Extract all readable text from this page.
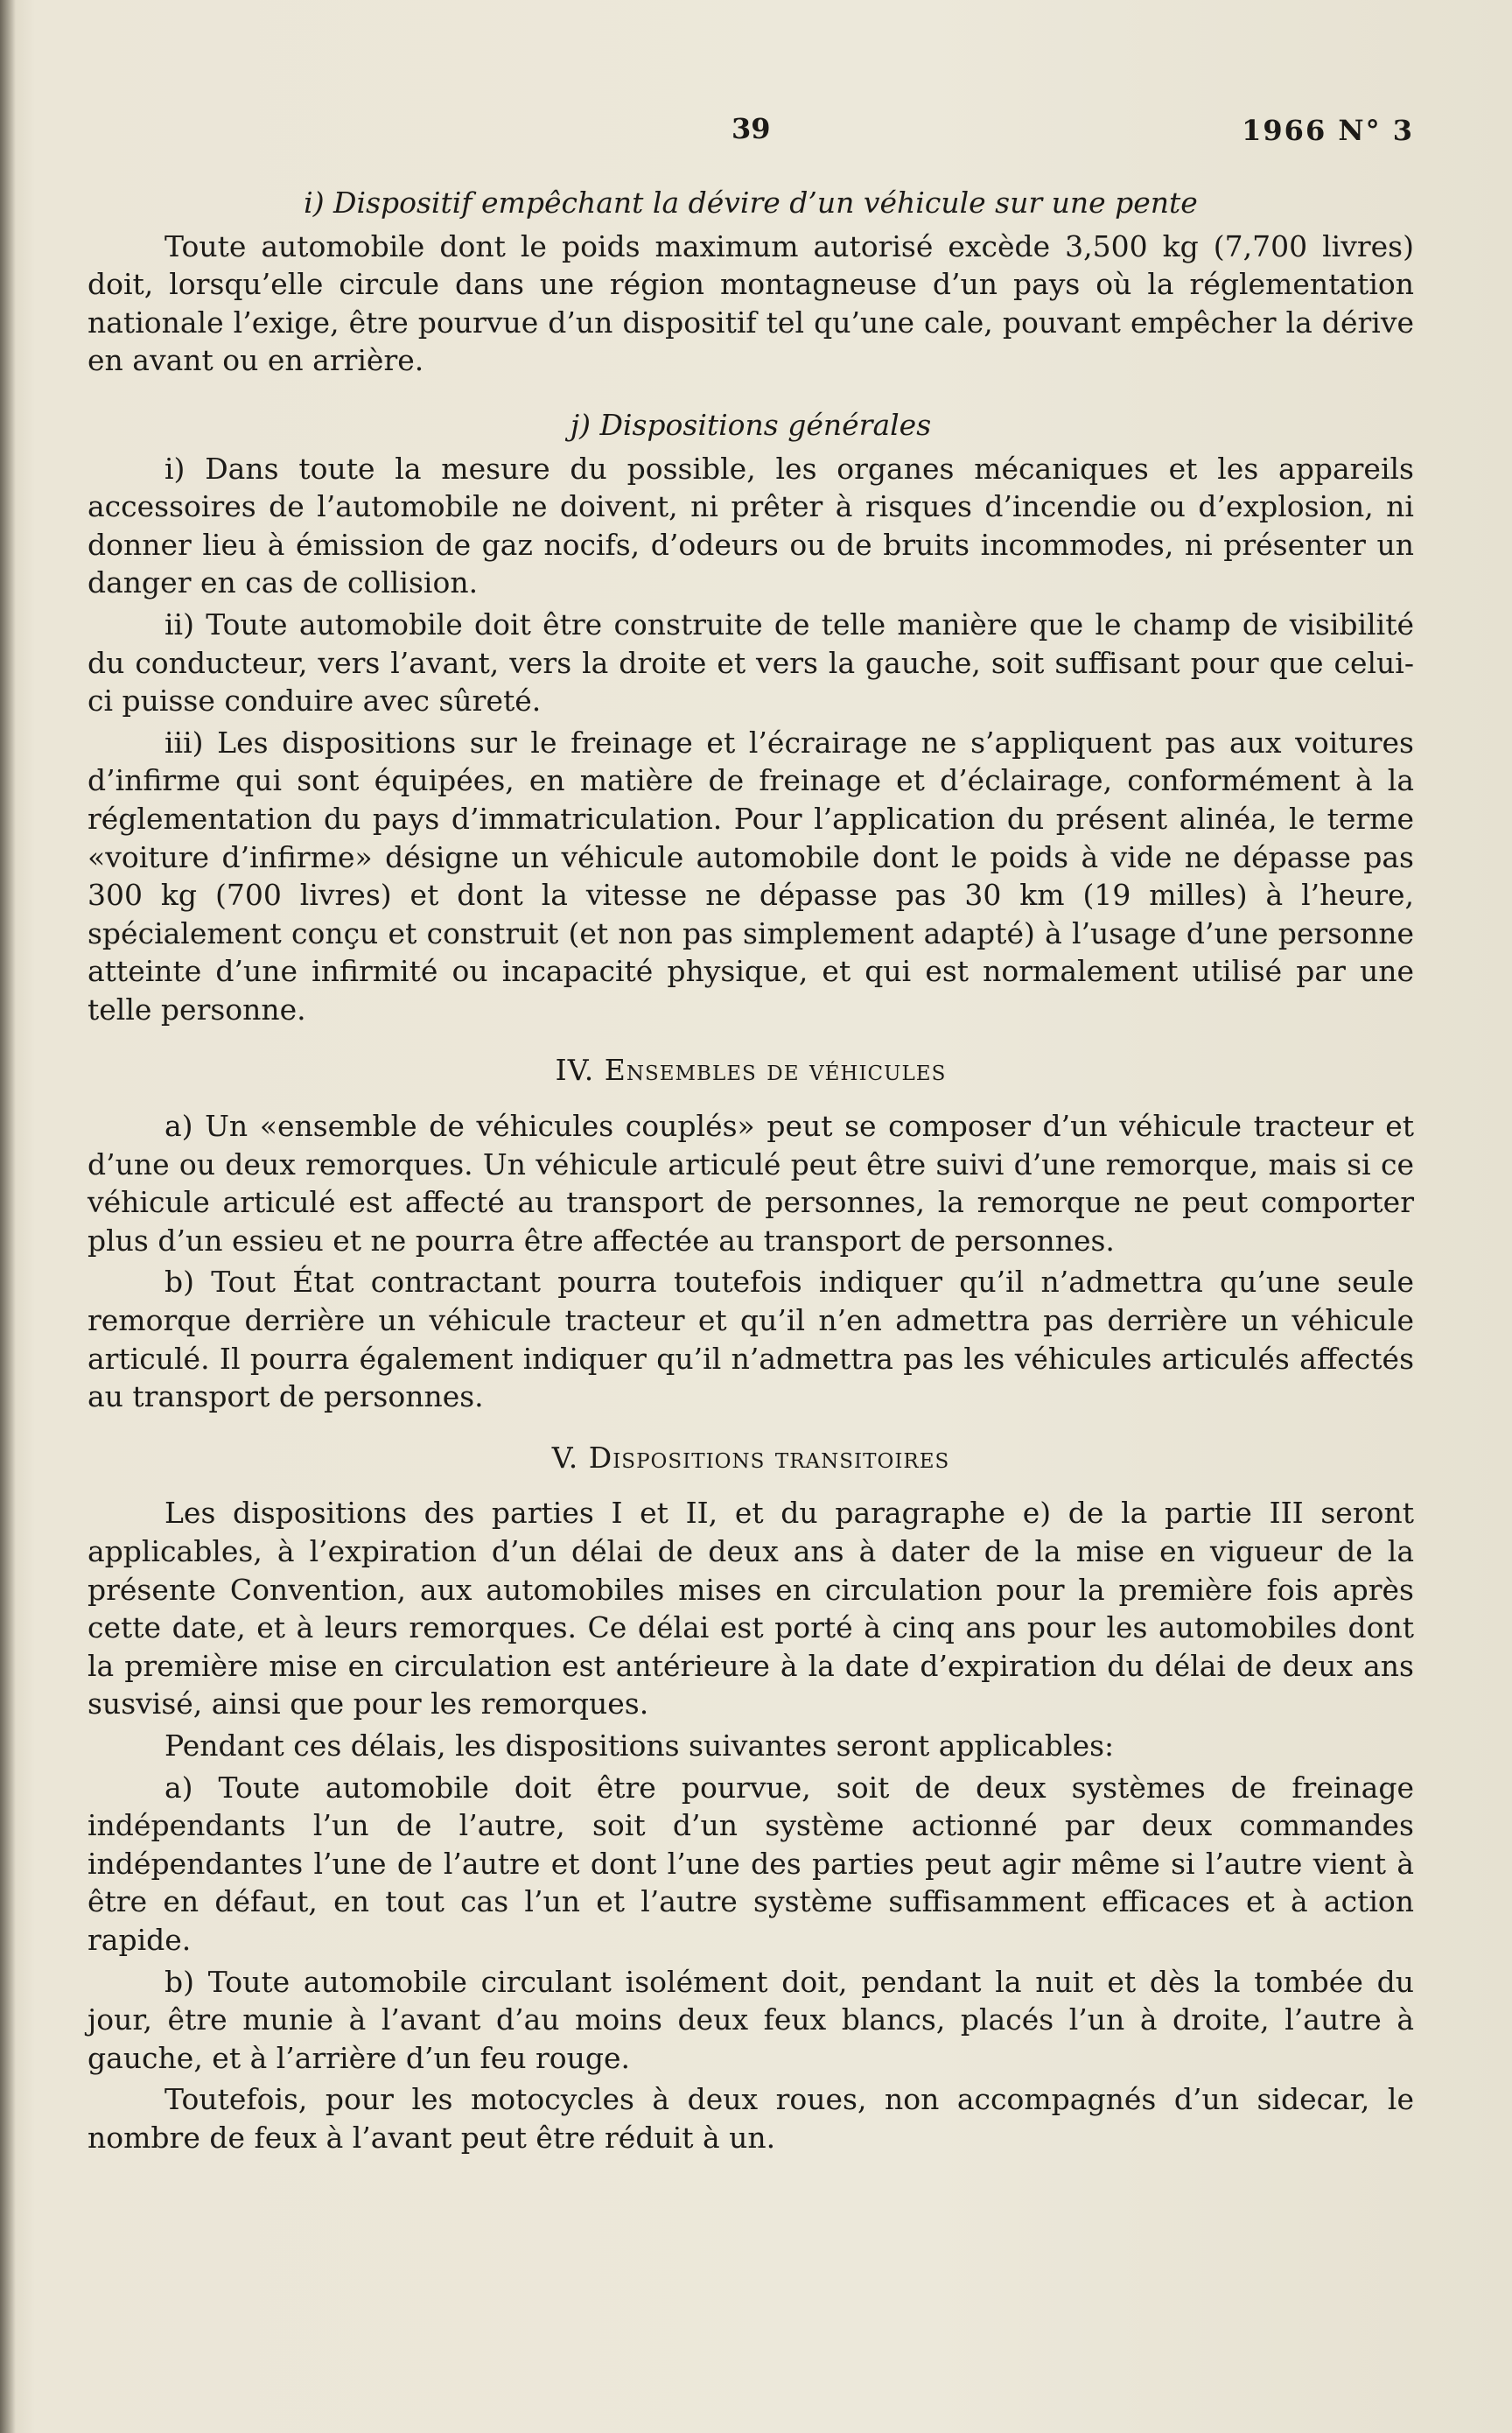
39	1966 N° 3

i) Dispositif empêchant la dévire d’un véhicule sur une pente

Toute automobile dont le poids maximum autorisé excède 3,500 kg (7,700 livres) doit, lorsqu’elle circule dans une région montagneuse d’un pays où la réglementation nationale l’exige, être pourvue d’un dispositif tel qu’une cale, pouvant empêcher la dérive en avant ou en arrière.

j) Dispositions générales

i) Dans toute la mesure du possible, les organes mécaniques et les appareils accessoires de l’automobile ne doivent, ni prêter à risques d’incendie ou d’explosion, ni donner lieu à émission de gaz nocifs, d’odeurs ou de bruits incommodes, ni présenter un danger en cas de collision.

ii) Toute automobile doit être construite de telle manière que le champ de visibilité du conducteur, vers l’avant, vers la droite et vers la gauche, soit suffisant pour que celui-ci puisse conduire avec sûreté.

iii) Les dispositions sur le freinage et l’écrairage ne s’appliquent pas aux voitures d’infirme qui sont équipées, en matière de freinage et d’éclairage, conformément à la réglementation du pays d’immatriculation. Pour l’application du présent alinéa, le terme «voiture d’infirme» désigne un véhicule automobile dont le poids à vide ne dépasse pas 300 kg (700 livres) et dont la vitesse ne dépasse pas 30 km (19 milles) à l’heure, spécialement conçu et construit (et non pas simplement adapté) à l’usage d’une personne atteinte d’une infirmité ou incapacité physique, et qui est normalement utilisé par une telle personne.

IV. Ensembles de véhicules

a) Un «ensemble de véhicules couplés» peut se composer d’un véhicule tracteur et d’une ou deux remorques. Un véhicule articulé peut être suivi d’une remorque, mais si ce véhicule articulé est affecté au transport de personnes, la remorque ne peut comporter plus d’un essieu et ne pourra être affectée au transport de personnes.

b) Tout État contractant pourra toutefois indiquer qu’il n’admettra qu’une seule remorque derrière un véhicule tracteur et qu’il n’en admettra pas derrière un véhicule articulé. Il pourra également indiquer qu’il n’admettra pas les véhicules articulés affectés au transport de personnes.

V. Dispositions transitoires

Les dispositions des parties I et II, et du paragraphe e) de la partie III seront applicables, à l’expiration d’un délai de deux ans à dater de la mise en vigueur de la présente Convention, aux automobiles mises en circulation pour la première fois après cette date, et à leurs remorques. Ce délai est porté à cinq ans pour les automobiles dont la première mise en circulation est antérieure à la date d’expiration du délai de deux ans susvisé, ainsi que pour les remorques.

Pendant ces délais, les dispositions suivantes seront applicables:

a) Toute automobile doit être pourvue, soit de deux systèmes de freinage indépendants l’un de l’autre, soit d’un système actionné par deux commandes indépendantes l’une de l’autre et dont l’une des parties peut agir même si l’autre vient à être en défaut, en tout cas l’un et l’autre système suffisamment efficaces et à action rapide.

b) Toute automobile circulant isolément doit, pendant la nuit et dès la tombée du jour, être munie à l’avant d’au moins deux feux blancs, placés l’un à droite, l’autre à gauche, et à l’arrière d’un feu rouge.

Toutefois, pour les motocycles à deux roues, non accompagnés d’un sidecar, le nombre de feux à l’avant peut être réduit à un.
